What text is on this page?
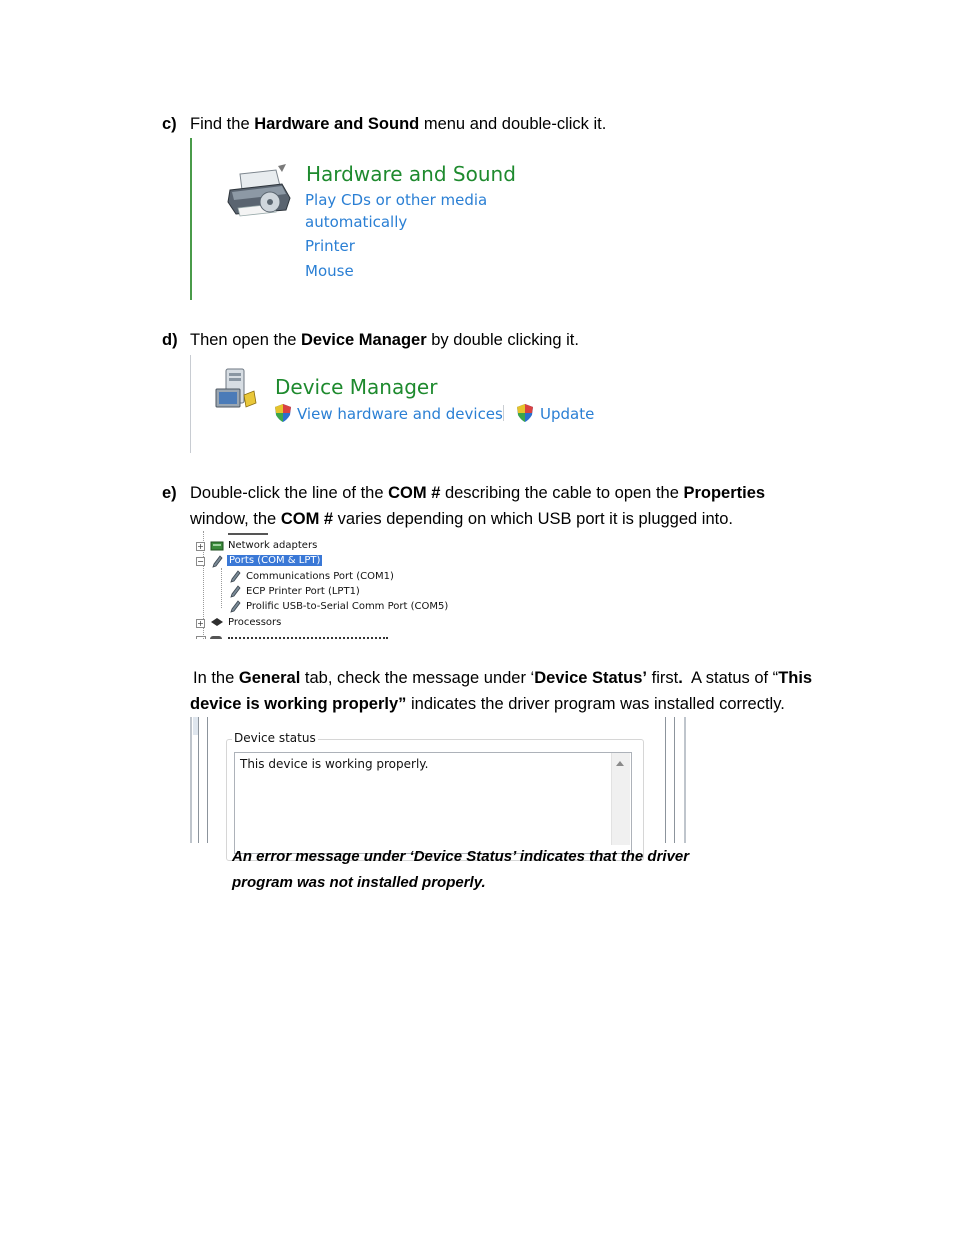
c) Find the Hardware and Sound menu and double-click it.
Hardware and Sound
Play CDs or other media
automatically
Printer
Mouse
d) Then open the Device Manager by double clicking it.
Device Manager
View hardware and devices Update
e) Double-click the line of the COM # describing the cable to open the Properties
window, the COM # varies depending on which USB port it is plugged into.
+ Network adapters
−	Ports (COM & LPT)
Communications Port (COM1)
ECP Printer Port (LPT1)
Prolific USB-to-Serial Comm Port (COM5)
+ Processors
In the General tab, check the message under ‘Device Status’ first.  A status of “This
device is working properly” indicates the driver program was installed correctly.
Device status
This device is working properly.
An error message under ‘Device Status’ indicates that the driver
program was not installed properly.
